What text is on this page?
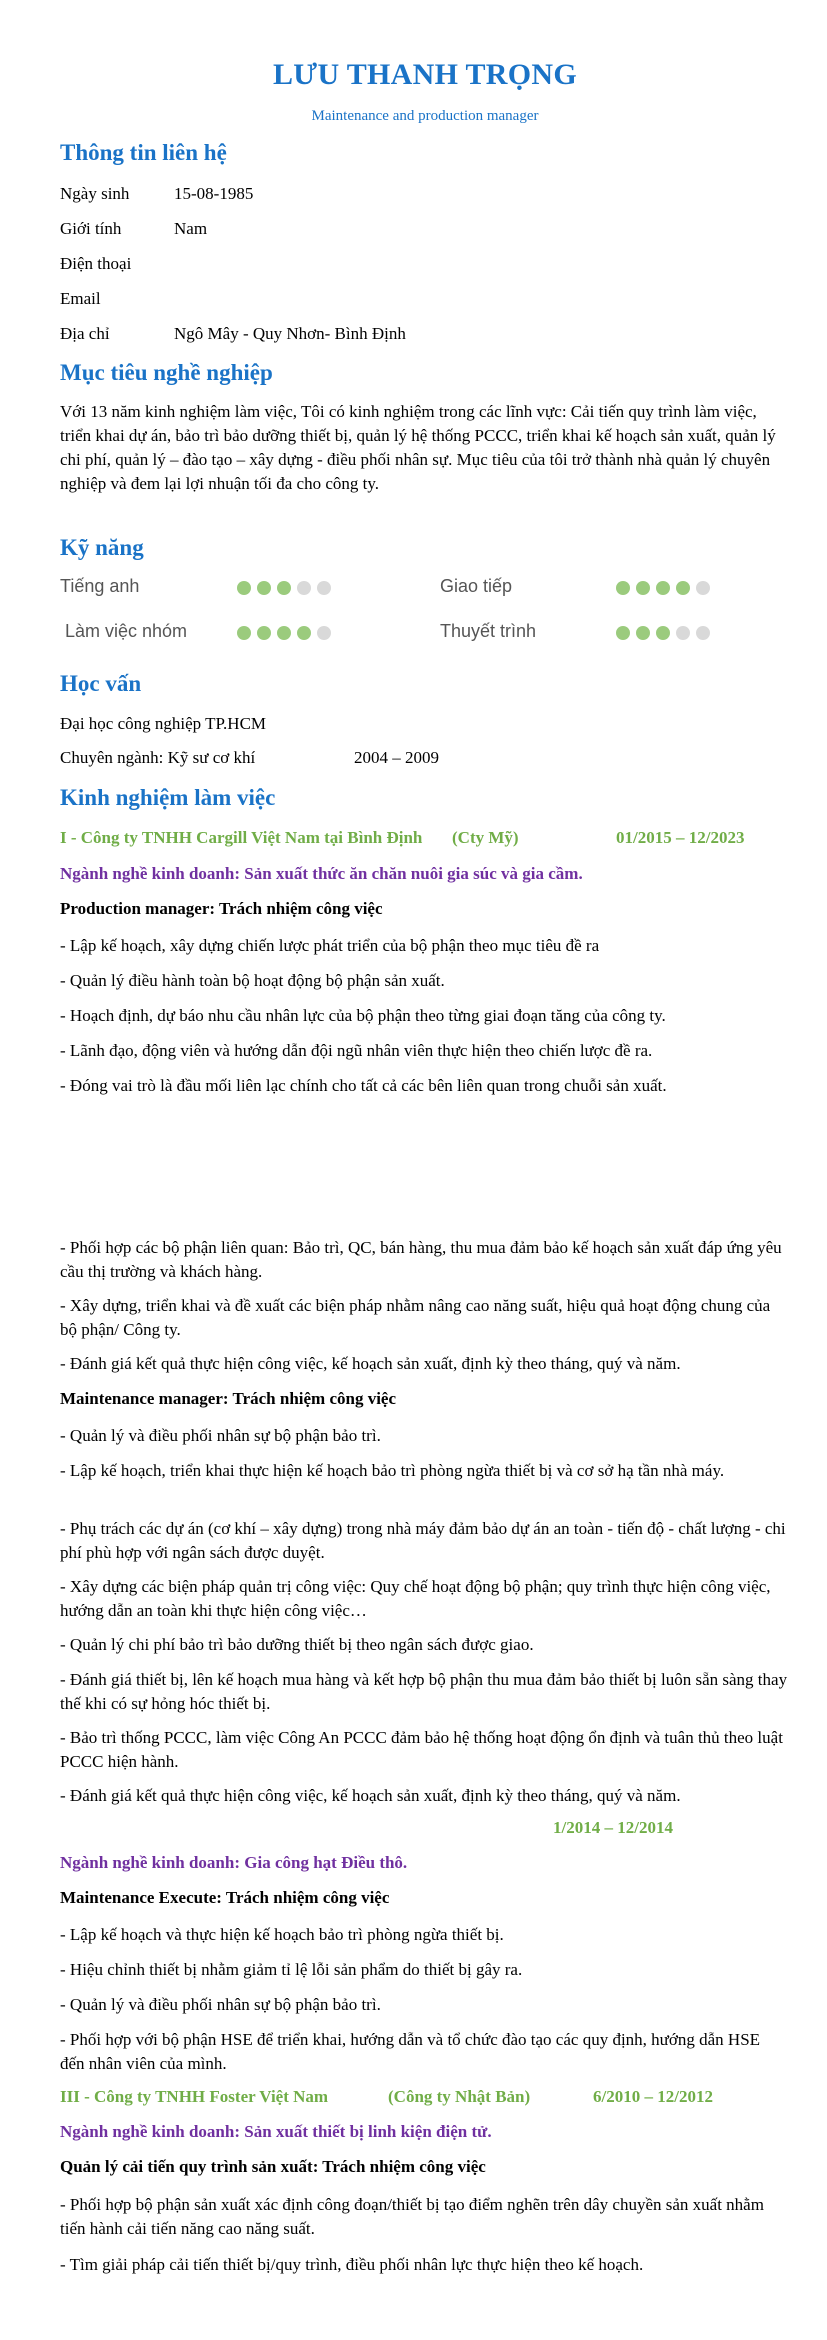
LƯU THANH TRỌNG
Maintenance and production manager
Thông tin liên hệ
Ngày sinh	15-08-1985
Giới tính	Nam
Điện thoại
Email
Địa chỉ	Ngô Mây - Quy Nhơn- Bình Định
Mục tiêu nghề nghiệp
Với 13 năm kinh nghiệm làm việc, Tôi có kinh nghiệm trong các lĩnh vực: Cải tiến quy trình làm việc, triển khai dự án, bảo trì bảo dưỡng thiết bị, quản lý hệ thống PCCC, triển khai kế hoạch sản xuất, quản lý chi phí, quản lý – đào tạo – xây dựng - điều phối nhân sự. Mục tiêu của tôi trở thành nhà quản lý chuyên nghiệp và đem lại lợi nhuận tối đa cho công ty.
Kỹ năng
Tiếng anh	Giao tiếp
Làm việc nhóm	Thuyết trình
Học vấn
Đại học công nghiệp TP.HCM
Chuyên ngành: Kỹ sư cơ khí	2004 – 2009
Kinh nghiệm làm việc
I - Công ty TNHH Cargill Việt Nam tại Bình Định (Cty Mỹ)	01/2015 – 12/2023
Ngành nghề kinh doanh: Sản xuất thức ăn chăn nuôi gia súc và gia cầm.
Production manager: Trách nhiệm công việc
- Lập kế hoạch, xây dựng chiến lược phát triển của bộ phận theo mục tiêu đề ra
- Quản lý điều hành toàn bộ hoạt động bộ phận sản xuất.
- Hoạch định, dự báo nhu cầu nhân lực của bộ phận theo từng giai đoạn tăng của công ty.
- Lãnh đạo, động viên và hướng dẫn đội ngũ nhân viên thực hiện theo chiến lược đề ra.
- Đóng vai trò là đầu mối liên lạc chính cho tất cả các bên liên quan trong chuỗi sản xuất.
- Phối hợp các bộ phận liên quan: Bảo trì, QC, bán hàng, thu mua đảm bảo kế hoạch sản xuất đáp ứng yêu cầu thị trường và khách hàng.
- Xây dựng, triển khai và đề xuất các biện pháp nhằm nâng cao năng suất, hiệu quả hoạt động chung của bộ phận/ Công ty.
- Đánh giá kết quả thực hiện công việc, kế hoạch sản xuất, định kỳ theo tháng, quý và năm.
Maintenance manager: Trách nhiệm công việc
- Quản lý và điều phối nhân sự bộ phận bảo trì.
- Lập kế hoạch, triển khai thực hiện kế hoạch bảo trì phòng ngừa thiết bị và cơ sở hạ tần nhà máy.
- Phụ trách các dự án (cơ khí – xây dựng) trong nhà máy đảm bảo dự án an toàn - tiến độ - chất lượng - chi phí phù hợp với ngân sách được duyệt.
- Xây dựng các biện pháp quản trị công việc: Quy chế hoạt động bộ phận; quy trình thực hiện công việc, hướng dẫn an toàn khi thực hiện công việc…
- Quản lý chi phí bảo trì bảo dưỡng thiết bị theo ngân sách được giao.
- Đánh giá thiết bị, lên kế hoạch mua hàng và kết hợp bộ phận thu mua đảm bảo thiết bị luôn sẵn sàng thay thế khi có sự hỏng hóc thiết bị.
- Bảo trì thống PCCC, làm việc Công An PCCC đảm bảo hệ thống hoạt động ổn định và tuân thủ theo luật PCCC hiện hành.
- Đánh giá kết quả thực hiện công việc, kế hoạch sản xuất, định kỳ theo tháng, quý và năm.
1/2014 – 12/2014
Ngành nghề kinh doanh: Gia công hạt Điều thô.
Maintenance Execute: Trách nhiệm công việc
- Lập kế hoạch và thực hiện kế hoạch bảo trì phòng ngừa thiết bị.
- Hiệu chỉnh thiết bị nhằm giảm tỉ lệ lỗi sản phẩm do thiết bị gây ra.
- Quản lý và điều phối nhân sự bộ phận bảo trì.
- Phối hợp với bộ phận HSE để triển khai, hướng dẫn và tổ chức đào tạo các quy định, hướng dẫn HSE đến nhân viên của mình.
III - Công ty TNHH Foster Việt Nam	(Công ty Nhật Bản)	6/2010 – 12/2012
Ngành nghề kinh doanh: Sản xuất thiết bị linh kiện điện tử.
Quản lý cải tiến quy trình sản xuất: Trách nhiệm công việc
- Phối hợp bộ phận sản xuất xác định công đoạn/thiết bị tạo điểm nghẽn trên dây chuyền sản xuất nhằm tiến hành cải tiến năng cao năng suất.
- Tìm giải pháp cải tiến thiết bị/quy trình, điều phối nhân lực thực hiện theo kế hoạch.
